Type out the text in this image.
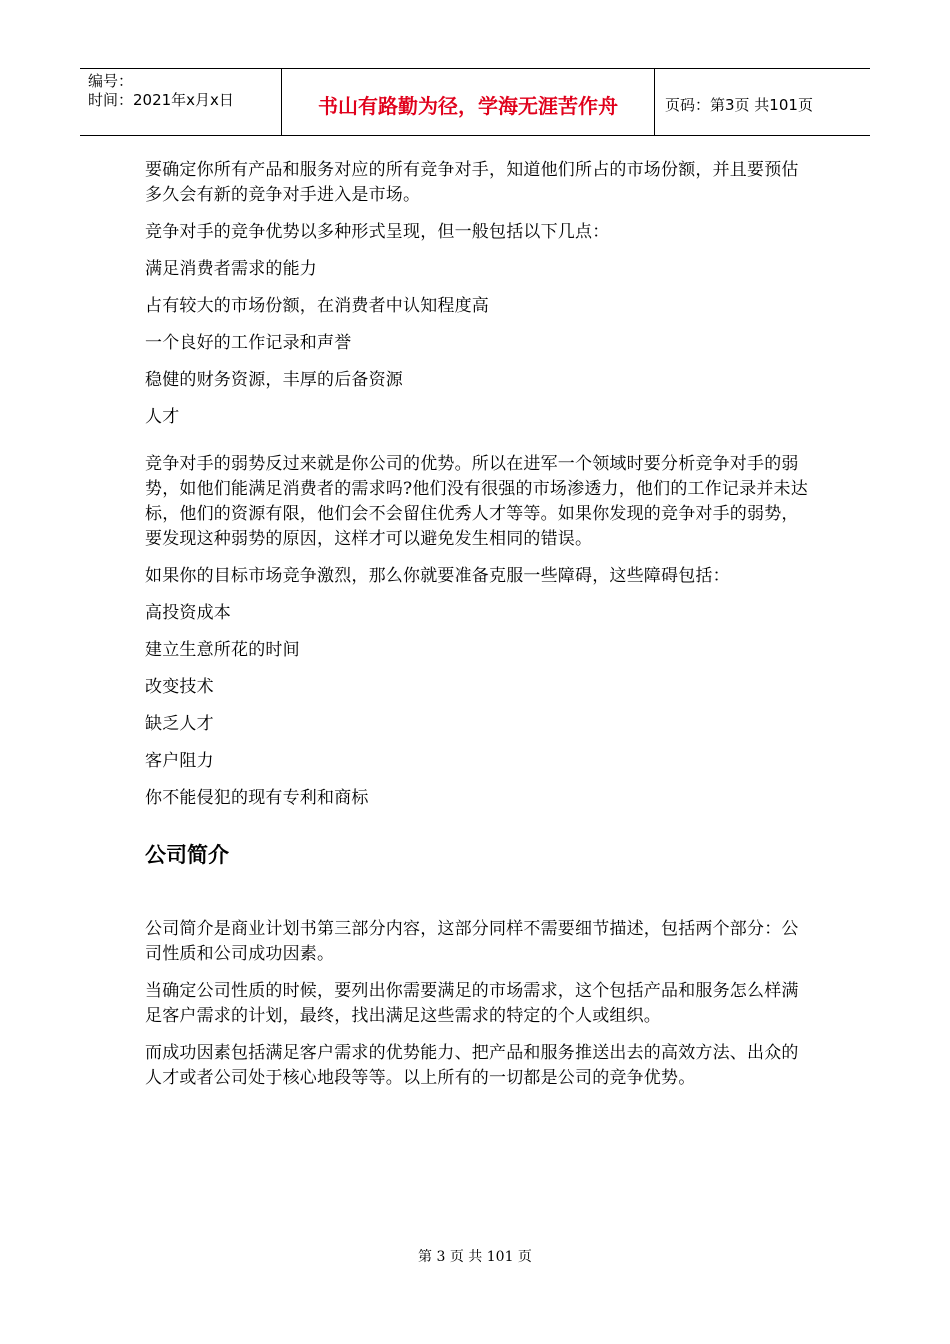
编号：
时间：2021年x月x日	书山有路勤为径，学海无涯苦作舟	页码：第3页 共101页

要确定你所有产品和服务对应的所有竞争对手，知道他们所占的市场份额，并且要预估多久会有新的竞争对手进入是市场。

竞争对手的竞争优势以多种形式呈现，但一般包括以下几点：

满足消费者需求的能力

占有较大的市场份额，在消费者中认知程度高

一个良好的工作记录和声誉

稳健的财务资源，丰厚的后备资源

人才

竞争对手的弱势反过来就是你公司的优势。所以在进军一个领域时要分析竞争对手的弱势，如他们能满足消费者的需求吗?他们没有很强的市场渗透力，他们的工作记录并未达标，他们的资源有限，他们会不会留住优秀人才等等。如果你发现的竞争对手的弱势，要发现这种弱势的原因，这样才可以避免发生相同的错误。

如果你的目标市场竞争激烈，那么你就要准备克服一些障碍，这些障碍包括：

高投资成本

建立生意所花的时间

改变技术

缺乏人才

客户阻力

你不能侵犯的现有专利和商标

公司简介

公司简介是商业计划书第三部分内容，这部分同样不需要细节描述，包括两个部分：公司性质和公司成功因素。

当确定公司性质的时候，要列出你需要满足的市场需求，这个包括产品和服务怎么样满足客户需求的计划，最终，找出满足这些需求的特定的个人或组织。

而成功因素包括满足客户需求的优势能力、把产品和服务推送出去的高效方法、出众的人才或者公司处于核心地段等等。以上所有的一切都是公司的竞争优势。

第 3 页 共 101 页
